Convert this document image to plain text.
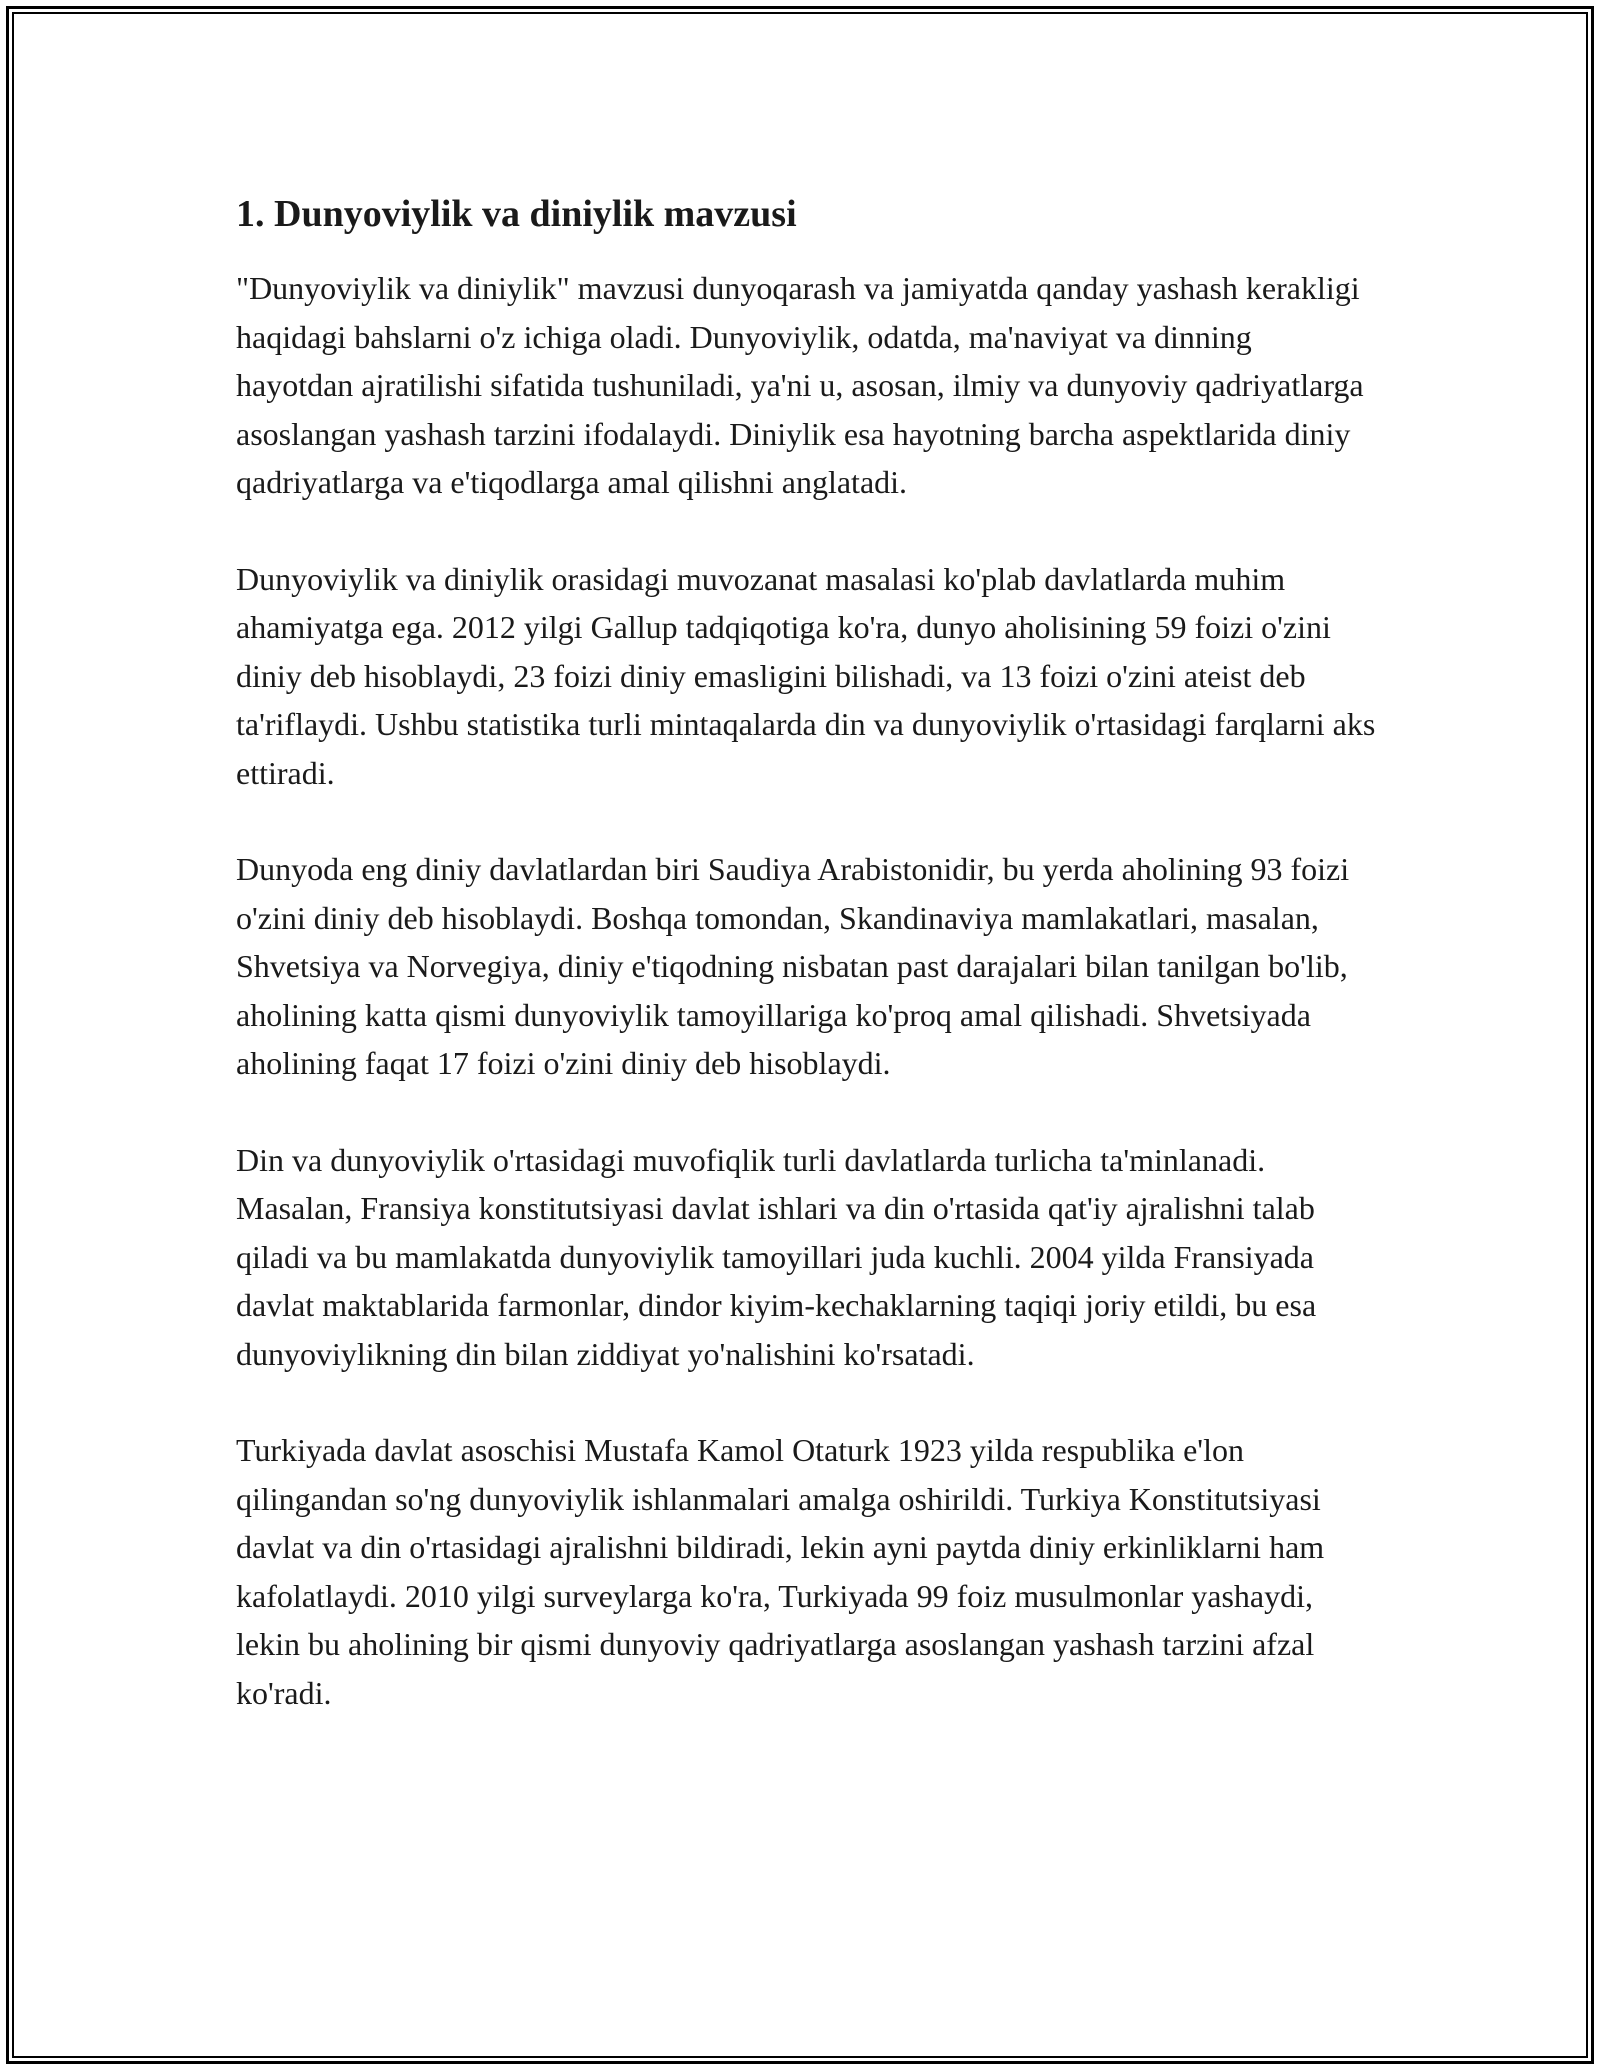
1. Dunyoviylik va diniylik mavzusi

"Dunyoviylik va diniylik" mavzusi dunyoqarash va jamiyatda qanday yashash kerakligi haqidagi bahslarni o'z ichiga oladi. Dunyoviylik, odatda, ma'naviyat va dinning hayotdan ajratilishi sifatida tushuniladi, ya'ni u, asosan, ilmiy va dunyoviy qadriyatlarga asoslangan yashash tarzini ifodalaydi. Diniylik esa hayotning barcha aspektlarida diniy qadriyatlarga va e'tiqodlarga amal qilishni anglatadi.

Dunyoviylik va diniylik orasidagi muvozanat masalasi ko'plab davlatlarda muhim ahamiyatga ega. 2012 yilgi Gallup tadqiqotiga ko'ra, dunyo aholisining 59 foizi o'zini diniy deb hisoblaydi, 23 foizi diniy emasligini bilishadi, va 13 foizi o'zini ateist deb ta'riflaydi. Ushbu statistika turli mintaqalarda din va dunyoviylik o'rtasidagi farqlarni aks ettiradi.

Dunyoda eng diniy davlatlardan biri Saudiya Arabistonidir, bu yerda aholining 93 foizi o'zini diniy deb hisoblaydi. Boshqa tomondan, Skandinaviya mamlakatlari, masalan, Shvetsiya va Norvegiya, diniy e'tiqodning nisbatan past darajalari bilan tanilgan bo'lib, aholining katta qismi dunyoviylik tamoyillariga ko'proq amal qilishadi. Shvetsiyada aholining faqat 17 foizi o'zini diniy deb hisoblaydi.

Din va dunyoviylik o'rtasidagi muvofiqlik turli davlatlarda turlicha ta'minlanadi. Masalan, Fransiya konstitutsiyasi davlat ishlari va din o'rtasida qat'iy ajralishni talab qiladi va bu mamlakatda dunyoviylik tamoyillari juda kuchli. 2004 yilda Fransiyada davlat maktablarida farmonlar, dindor kiyim-kechaklarning taqiqi joriy etildi, bu esa dunyoviylikning din bilan ziddiyat yo'nalishini ko'rsatadi.

Turkiyada davlat asoschisi Mustafa Kamol Otaturk 1923 yilda respublika e'lon qilingandan so'ng dunyoviylik ishlanmalari amalga oshirildi. Turkiya Konstitutsiyasi davlat va din o'rtasidagi ajralishni bildiradi, lekin ayni paytda diniy erkinliklarni ham kafolatlaydi. 2010 yilgi surveylarga ko'ra, Turkiyada 99 foiz musulmonlar yashaydi, lekin bu aholining bir qismi dunyoviy qadriyatlarga asoslangan yashash tarzini afzal ko'radi.
